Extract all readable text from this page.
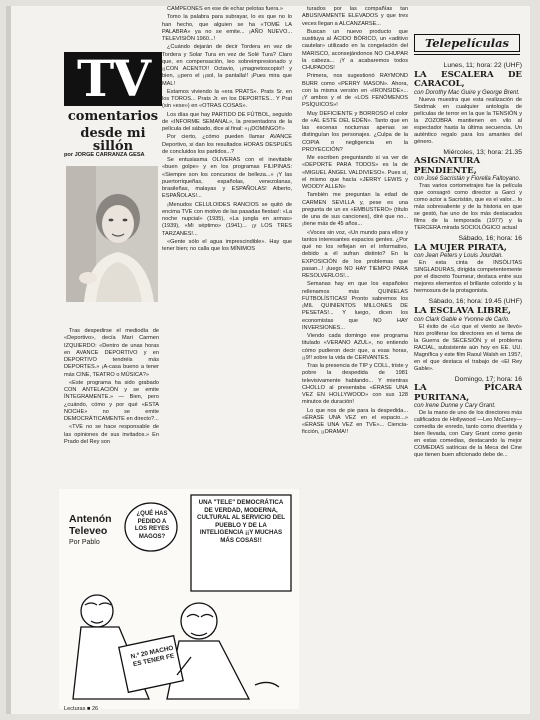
TV
comentarios
desde mi sillón
por JORGE CARRANZA GESA

Tras despedirse el mediodía de «Deportivo», decía Mari Carmen IZQUIERDO: «Dentro de unas horas en AVANCE DEPORTIVO y en DEPORTIVO tendréis más DEPORTES.» ¡A-casa bueno a tener más CINE, TEATRO o MÚSICA?»

«Este programa ha sido grabado CON ANTELACIÓN y se emite ÍNTEGRAMENTE.» — Bien, pero ¿cuándo, cómo y por qué «ESTA NOCHE» no se emite DEMOCRÁTICAMENTE en directo?...

«TVE no se hace responsable de las opiniones de sus invitados.» En Prado del Rey son

CAMPEONES en ese de echar pelotas fuera.»

Tomo la palabra para subrayar, lo es que no lo han hecho, que alguien se ha «TOMÉ LA PALABRA» ya no se emite... ¡AÑO NUEVO... TELEVISIÓN 1960...!

¿Cuándo dejarán de decir Tordera en vez de Tordera y Solar Tura en vez de Solé Tura? Claro que, en compensación, leo sobreimpresionado y ¡¡CON ACENTO!! Octavio, ¡¡magnetoscopio!! y bien, ¡¡pero el ¡¡sol, la pantalla!! ¡Pues mira que MAL!

Estamos viviendo la «era PRATS». Prats Sr. en los TOROS... Prats Jr. en los DEPORTES... Y Prat (sin «ese») en «OTRAS COSAS».

Los días que hay PARTIDO DE FÚTBOL, seguido de «INFORME SEMANAL», la presentadora de la película del sábado, dice al final: «¡¡DOMINGO!!»

Por cierto, ¿cómo pueden llamar AVANCE Deportivo, si dan los resultados HORAS DESPUÉS de concluidos los partidos...?

Se entusiasma OLIVERAS con el inevitable «buen golpe» y en los programas FILIPINAS: «Siempre son los concursos de belleza...» ¡Y las puertorriqueñas, españolas, venezolanas, brasileñas, malayas y ESPAÑOLAS! Alberto, ESPAÑOLAS!...

¡Menudos CELULOIDES RANCIOS se quitó de encima TVE con motivo de las pasadas fiestas!: «La noche nupcial» (1935), «La jungla en armas» (1939), «Mi séptimo» (1941)... ¡y LOS TRES TARZANES!...

«Gente sólo el agua imprescindible». Hay que tener bien; no calla que los MÍNIMOS

turados por las compañías tan ABUSIVAMENTE ELEVADOS y que tres veces llegan a ALCANZARSE...

Buscan un nuevo producto que sustituya al ÁCIDO BÓRICO, un «aditivo cautelar» utilizado en la congelación del MARISCO, aconsejándonos NO CHUPAR la cabeza... ¡Y a acabaremos todos CHUPADOS!

Primera, nos sugestionó RAYMOND BURR como «PERRY MASON». Ahora, con la misma versión en «IRONSIDE»... ¡Y ambos y el de «LOS FENÓMENOS PSÍQUICOS»!

Muy DEFICIENTE y BORROSO el color de «AL ESTE DEL EDÉN». Tanto que en las escenas nocturnas apenas se distinguían los personajes. ¿Culpa de la COPIA o negligencia en la PROYECCIÓN?

Me escriben preguntando si va ver de «DEPORTE PARA TODOS» es la de «MIGUEL ÁNGEL VALDIVIESO». Pues sí, el mismo que hacía «JERRY LEWIS y WOODY ALLEN»

También me preguntan la edad de CARMEN SEVILLA y, pese es una pregunta de un ex «EMBUSTERO» (título de una de sus canciones), diré que no... ¡tiene más de 45 años...

«Voces sin voz, «Un mundo para ellos y tantos interesantes espacios gentes. ¿Por qué no los reflejan en el informativo, debido a él sufran distinto? En la EXPOSICIÓN de los problemas que pasan...! ¡luego NO HAY TIEMPO PARA RESOLVERLOS!...

Semanas hay en que los españoles rellenamos más QUINIELAS FUTBOLÍSTICAS! Pronto sabremos los ¡MIL QUINIENTOS MILLONES DE PESETAS!... Y luego, dicen los economistas que NO HAY INVERSIONES...

Viendo cada domingo ese programa titulado «VERANO AZUL», no entiendo cómo pudieron decir que, a esas horas, ¡¡9!! sobre la vida de CERVANTES.

Tras la presencia de TIP y COLL, triste y pobre la despedida de 1981 televisivamente hablando... Y mientras CHOLLO al presentaba «ÉRASE UNA VEZ EN HOLLYWOOD» con sus 128 minutos de duración!

Lo que nos de pie para la despedida... «ÉRASE UNA VEZ en el espacio...» «ÉRASE UNA VEZ en TVE»... Ciencia-ficción, ¡¡DRAMA!!

Telepelículas
Lunes, 11; hora: 22 (UHF)
LA ESCALERA DE CARACOL,
con Dorothy Mac Guire y George Brent.
Nueva muestra que esta realización de Siodmak en cualquier antología de películas de terror en la que la TENSIÓN y la ZOZOBRA mantienen en vilo al espectador hasta la última secuencia. Un auténtico regalo para los amantes del género.
Miércoles, 13; hora: 21.35
ASIGNATURA PENDIENTE,
con José Sacristán y Fiorella Faltoyano.
Tras varios cortometrajes fue la película que consagró como director a Garci y como actor a Sacristán, que es el valor... lo más sobresaliente y de la historia en que se gestó, fue uno de los más destacados films de la temporada (1977) y la TERCERA mirada SOCIOLÓGICO actual
Sábado, 16; hora: 16
LA MUJER PIRATA,
con Jean Peters y Louis Jourdan.
En esta cinta de INSÓLITAS SINGLADURAS, dirigida competentemente por el discreto Tourneur, destaca entre sus mejores elementos el brillante colorido y la hermosura de la protagonista.
Sábado, 16; hora: 19.45 (UHF)
LA ESCLAVA LIBRE,
con Clark Gable e Yvonne de Carlo.
El éxito de «Lo que el viento se llevó» hizo proliferar los directores en el tema de la Guerra de SECESIÓN y el problema RACIAL, subsistente aún hoy en EE. UU. Magnífica y este film Raoul Walsh en 1957, en el que destaca el trabajo de «El Rey Gable».
Domingo, 17; hora: 16
LA PÍCARA PURITANA,
con Irene Dunne y Cary Grant.
De la mano de uno de los directores más calificados de Hollywood —Leo McCarey— comedia de enredo, tanto como divertida y bien llevada, con Cary Grant como genio en estas comedias, destacando la mejor COMEDIAS satíricas de la Meca del Cine que tienen buen aficionado debe de...
Antenón
Televeo
Por Pablo
¿QUÉ HAS PEDIDO A LOS REYES MAGOS?
UNA "TELE" DEMOCRÁTICA DE VERDAD, MODERNA, CULTURAL AL SERVICIO DEL PUEBLO Y DE LA INTELIGENCIA ¡¡Y MUCHAS MÁS COSAS!!
N.º 20 MACHO ES TENER FE
Lecturas ■ 26
